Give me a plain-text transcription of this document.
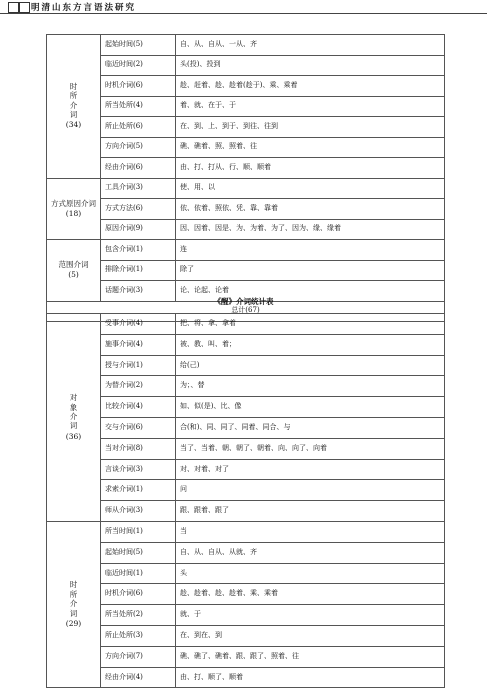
明清山东方言语法研究
时所介词
(34)	起始时间(5)	自、从、自从、一从、齐
	临近时间(2)	头(投)、投到
	时机介词(6)	趁、赶着、趁、趁着(趁于)、乘、乘着
	所当处所(4)	着、就、在于、于
	所止处所(6)	在、到、上、到于、到往、往到
	方向介词(5)	礁、礁着、照、照着、往
	经由介词(6)	由、打、打从、行、顺、顺着
方式原因介词
(18)	工具介词(3)	使、用、以
	方式方法(6)	依、依着、照依、凭、靠、靠着
	原因介词(9)	因、因着、因是、为、为着、为了、因为、缘、缘着
范围介词
(5)	包含介词(1)	连
	排除介词(1)	除了
	话题介词(3)	论、论起、论着
总计(67)		
《醒》介词统计表
对象介词
(36)	受事介词(4)	把、将、拿、拿着
	施事介词(4)	被、教、叫、着；
	授与介词(1)	给(己)
	为替介词(2)	为；、替
	比较介词(4)	如、似(是)、比、像
	交与介词(6)	合(和)、同、同了、同着、同合、与
	当对介词(8)	当了、当着、朝、朝了、朝着、向、向了、向着
	言谈介词(3)	对、对着、对了
	求索介词(1)	问
	师从介词(3)	跟、跟着、跟了
时所介词
(29)	所当时间(1)	当
	起始时间(5)	自、从、自从、从就、齐
	临近时间(1)	头
	时机介词(6)	趁、趁着、趁、趁着、乘、乘着
	所当处所(2)	就、于
	所止处所(3)	在、到在、到
	方向介词(7)	礁、礁了、礁着、跟、跟了、照着、往
	经由介词(4)	由、打、顺了、顺着
